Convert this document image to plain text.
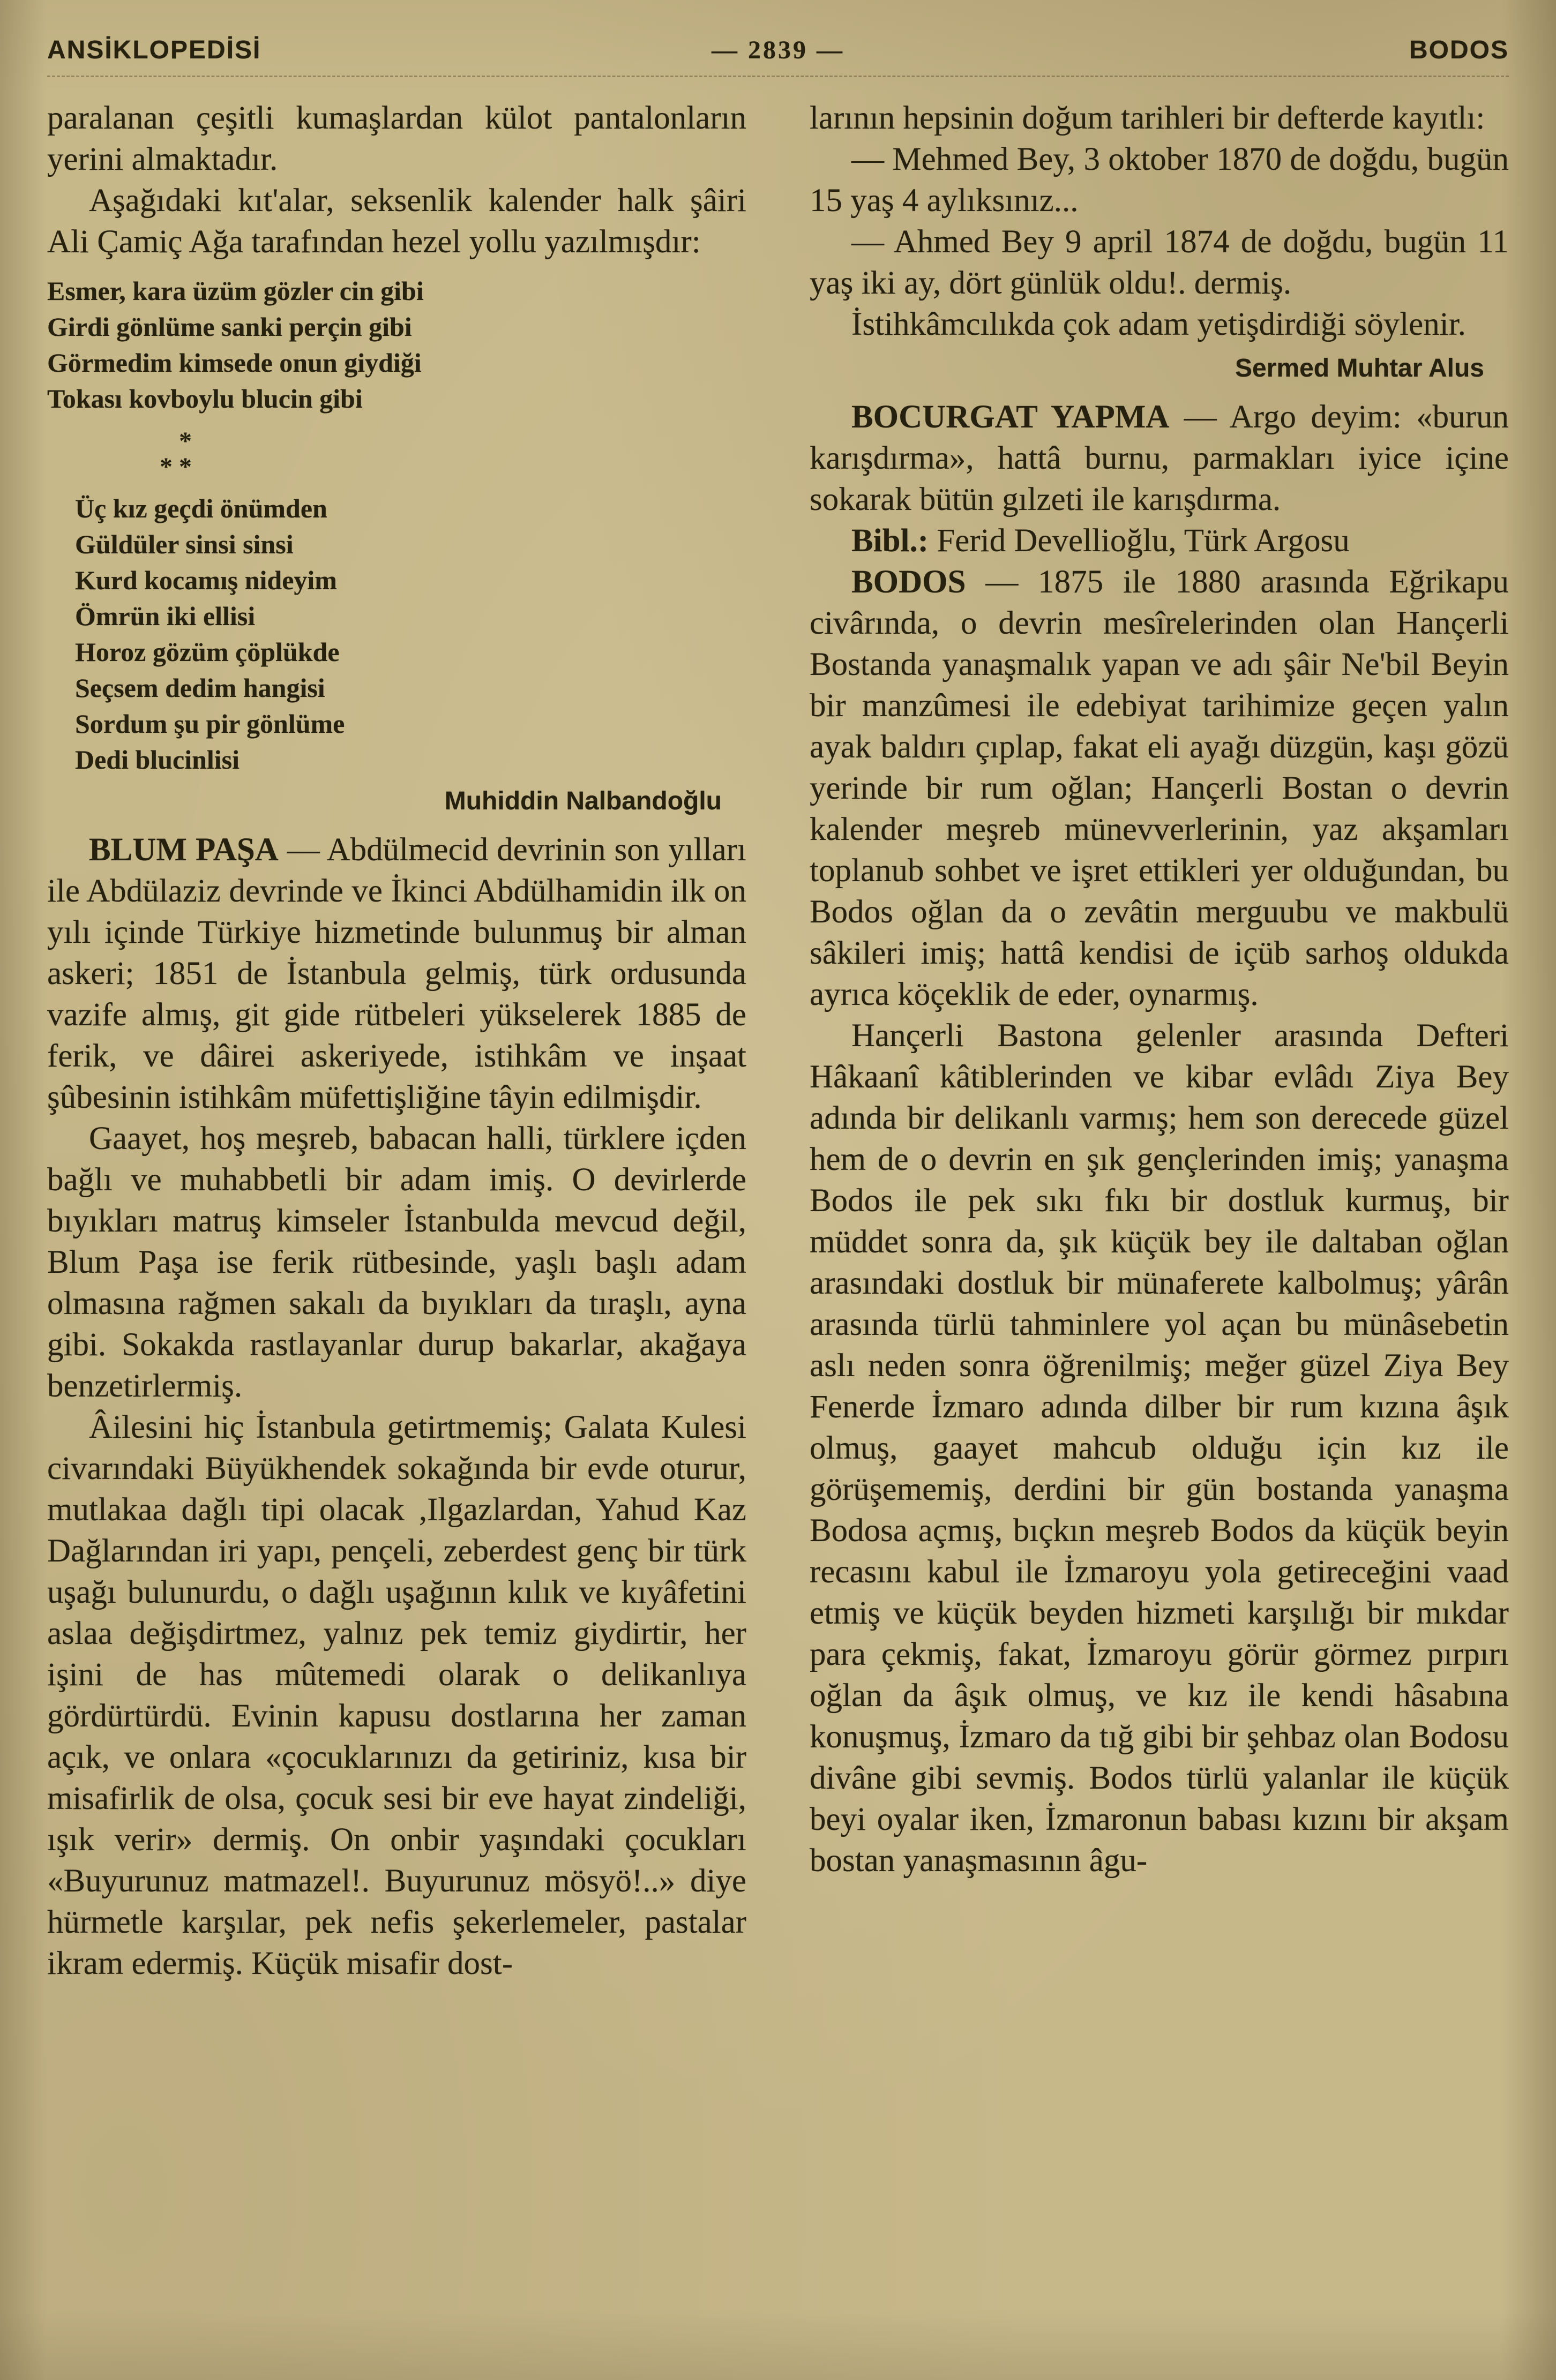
ANSİKLOPEDİSİ	— 2839 —	BODOS

paralanan çeşitli kumaşlardan külot pantalonların yerini almaktadır.

Aşağıdaki kıt'alar, seksenlik kalender halk şâiri Ali Çamiç Ağa tarafından hezel yollu yazılmışdır:

Esmer, kara üzüm gözler cin gibi
Girdi gönlüme sanki perçin gibi
Görmedim kimsede onun giydiği
Tokası kovboylu blucin gibi
*
* *
Üç kız geçdi önümden
Güldüler sinsi sinsi
Kurd kocamış nideyim
Ömrün iki ellisi
Horoz gözüm çöplükde
Seçsem dedim hangisi
Sordum şu pir gönlüme
Dedi blucinlisi
Muhiddin Nalbandoğlu

BLUM PAŞA — Abdülmecid devrinin son yılları ile Abdülaziz devrinde ve İkinci Abdülhamidin ilk on yılı içinde Türkiye hizmetinde bulunmuş bir alman askeri; 1851 de İstanbula gelmiş, türk ordusunda vazife almış, git gide rütbeleri yükselerek 1885 de ferik, ve dâirei askeriyede, istihkâm ve inşaat şûbesinin istihkâm müfettişliğine tâyin edilmişdir.

Gaayet, hoş meşreb, babacan halli, türklere içden bağlı ve muhabbetli bir adam imiş. O devirlerde bıyıkları matruş kimseler İstanbulda mevcud değil, Blum Paşa ise ferik rütbesinde, yaşlı başlı adam olmasına rağmen sakalı da bıyıkları da tıraşlı, ayna gibi. Sokakda rastlayanlar durup bakarlar, akağaya benzetirlermiş.

Âilesini hiç İstanbula getirtmemiş; Galata Kulesi civarındaki Büyükhendek sokağında bir evde oturur, mutlakaa dağlı tipi olacak ,Ilgazlardan, Yahud Kaz Dağlarından iri yapı, pençeli, zeberdest genç bir türk uşağı bulunurdu, o dağlı uşağının kılık ve kıyâfetini aslaa değişdirtmez, yalnız pek temiz giydirtir, her işini de has mûtemedi olarak o delikanlıya gördürtürdü. Evinin kapusu dostlarına her zaman açık, ve onlara «çocuklarınızı da getiriniz, kısa bir misafirlik de olsa, çocuk sesi bir eve hayat zindeliği, ışık verir» dermiş. On onbir yaşındaki çocukları «Buyurunuz matmazel!. Buyurunuz mösyö!..» diye hürmetle karşılar, pek nefis şekerlemeler, pastalar ikram edermiş. Küçük misafir dost-

larının hepsinin doğum tarihleri bir defterde kayıtlı:

— Mehmed Bey, 3 oktober 1870 de doğdu, bugün 15 yaş 4 aylıksınız...

— Ahmed Bey 9 april 1874 de doğdu, bugün 11 yaş iki ay, dört günlük oldu!. dermiş.

İstihkâmcılıkda çok adam yetişdirdiği söylenir.

Sermed Muhtar Alus

BOCURGAT YAPMA — Argo deyim: «burun karışdırma», hattâ burnu, parmakları iyice içine sokarak bütün gılzeti ile karışdırma.

Bibl.: Ferid Devellioğlu, Türk Argosu

BODOS — 1875 ile 1880 arasında Eğrikapu civârında, o devrin mesîrelerinden olan Hançerli Bostanda yanaşmalık yapan ve adı şâir Ne'bil Beyin bir manzûmesi ile edebiyat tarihimize geçen yalın ayak baldırı çıplap, fakat eli ayağı düzgün, kaşı gözü yerinde bir rum oğlan; Hançerli Bostan o devrin kalender meşreb münevverlerinin, yaz akşamları toplanub sohbet ve işret ettikleri yer olduğundan, bu Bodos oğlan da o zevâtin merguubu ve makbulü sâkileri imiş; hattâ kendisi de içüb sarhoş oldukda ayrıca köçeklik de eder, oynarmış.

Hançerli Bastona gelenler arasında Defteri Hâkaanî kâtiblerinden ve kibar evlâdı Ziya Bey adında bir delikanlı varmış; hem son derecede güzel hem de o devrin en şık gençlerinden imiş; yanaşma Bodos ile pek sıkı fıkı bir dostluk kurmuş, bir müddet sonra da, şık küçük bey ile daltaban oğlan arasındaki dostluk bir münaferete kalbolmuş; yârân arasında türlü tahminlere yol açan bu münâsebetin aslı neden sonra öğrenilmiş; meğer güzel Ziya Bey Fenerde İzmaro adında dilber bir rum kızına âşık olmuş, gaayet mahcub olduğu için kız ile görüşememiş, derdini bir gün bostanda yanaşma Bodosa açmış, bıçkın meşreb Bodos da küçük beyin recasını kabul ile İzmaroyu yola getireceğini vaad etmiş ve küçük beyden hizmeti karşılığı bir mıkdar para çekmiş, fakat, İzmaroyu görür görmez pırpırı oğlan da âşık olmuş, ve kız ile kendi hâsabına konuşmuş, İzmaro da tığ gibi bir şehbaz olan Bodosu divâne gibi sevmiş. Bodos türlü yalanlar ile küçük beyi oyalar iken, İzmaronun babası kızını bir akşam bostan yanaşmasının âgu-
